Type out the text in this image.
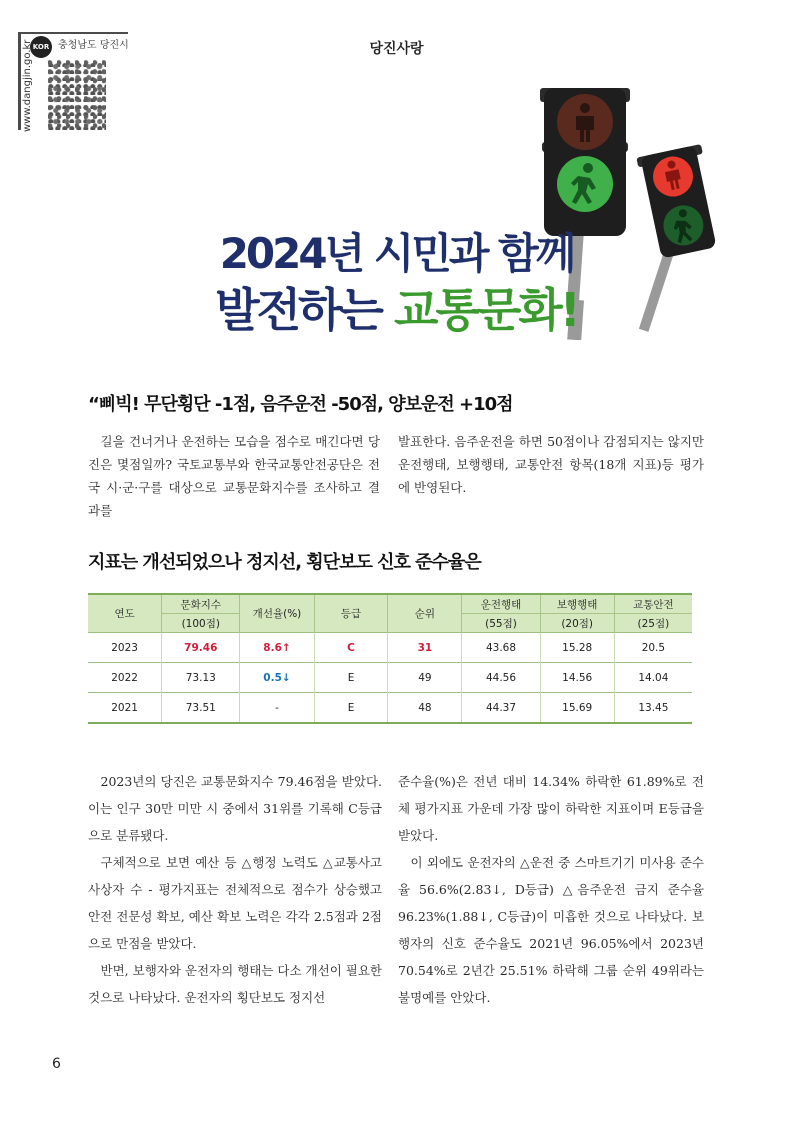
KOR 충청남도 당진시
www.dangjin.go.kr	당진사랑
2024년 시민과 함께
발전하는 교통문화!
“삐빅! 무단횡단 -1점, 음주운전 -50점, 양보운전 +10점

길을 건너거나 운전하는 모습을 점수로 매긴다면 당진은 몇점일까? 국토교통부와 한국교통안전공단은 전국 시·군·구를 대상으로 교통문화지수를 조사하고 결과를

발표한다. 음주운전을 하면 50점이나 감점되지는 않지만 운전행태, 보행행태, 교통안전 항목(18개 지표)등 평가에 반영된다.

지표는 개선되었으나 정지선, 횡단보도 신호 준수율은
연도	문화지수	개선율(%)	등급	순위	운전행태	보행행태	교통안전
	(100점)				(55점)	(20점)	(25점)
2023	79.46	8.6↑	C	31	43.68	15.28	20.5
2022	73.13	0.5↓	E	49	44.56	14.56	14.04
2021	73.51	-	E	48	44.37	15.69	13.45

2023년의 당진은 교통문화지수 79.46점을 받았다. 이는 인구 30만 미만 시 중에서 31위를 기록해 C등급으로 분류됐다.

구체적으로 보면 예산 등 △행정 노력도 △교통사고 사상자 수 - 평가지표는 전체적으로 점수가 상승했고 안전 전문성 확보, 예산 확보 노력은 각각 2.5점과 2점으로 만점을 받았다.

반면, 보행자와 운전자의 행태는 다소 개선이 필요한 것으로 나타났다. 운전자의 횡단보도 정지선

준수율(%)은 전년 대비 14.34% 하락한 61.89%로 전체 평가지표 가운데 가장 많이 하락한 지표이며 E등급을 받았다.

이 외에도 운전자의 △운전 중 스마트기기 미사용 준수율 56.6%(2.83↓, D등급) △음주운전 금지 준수율 96.23%(1.88↓, C등급)이 미흡한 것으로 나타났다. 보행자의 신호 준수율도 2021년 96.05%에서 2023년 70.54%로 2년간 25.51% 하락해 그룹 순위 49위라는 불명예를 안았다.

6
